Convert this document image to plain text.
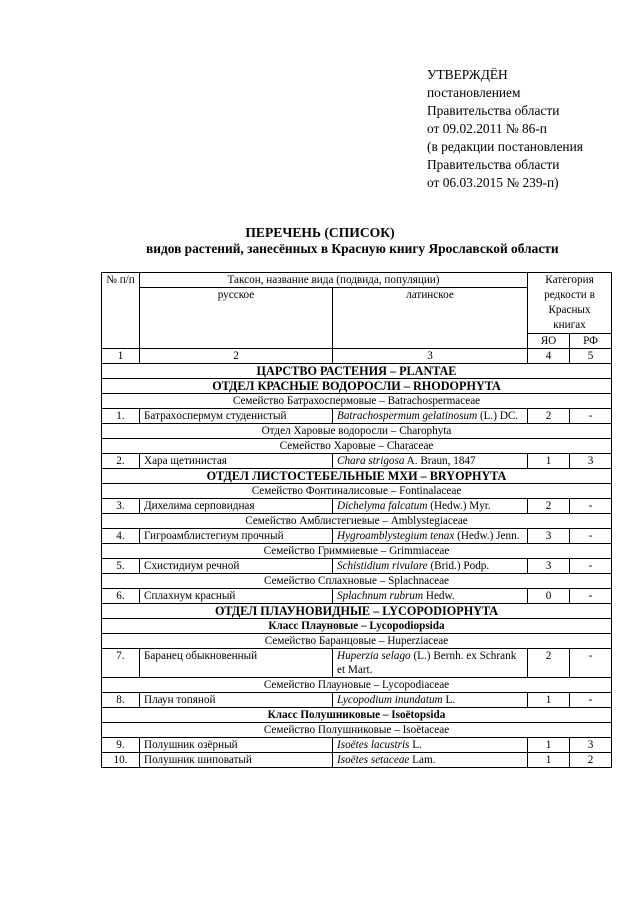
УТВЕРЖДЁН
постановлением
Правительства области
от 09.02.2011 № 86-п
(в редакции постановления
Правительства области
от 06.03.2015 № 239-п)
ПЕРЕЧЕНЬ (СПИСОК)
видов растений, занесённых в Красную книгу Ярославской области
№ п/п	Таксон, название вида (подвида, популяции)		Категория редкости в Красных книгах	
	русское	латинское		
			ЯО	РФ
1	2	3	4	5
ЦАРСТВО РАСТЕНИЯ – PLANTAE				
ОТДЕЛ КРАСНЫЕ ВОДОРОСЛИ – RHODOPHYTA				
Семейство Батрахоспермовые – Batrachospermaceae				
1.	Батраxоспермум студенистый	Batrachospermum gelatinosum (L.) DC.	2	-
Отдел Харовые водоросли – Charophyta				
Семейство Харовые – Characeae				
2.	Хара щетинистая	Chara strigosa A. Braun, 1847	1	3
ОТДЕЛ ЛИСТОСТЕБЕЛЬНЫЕ МХИ – BRYOPHYTA				
Семейство Фонтиналисовые – Fontinalaceae				
3.	Дихелима серповидная	Dichelyma falcatum (Hedw.) Myr.	2	-
Семейство Амблистегиевые – Amblystegiaceae				
4.	Гигроамблистегиум прочный	Hygroamblystegium tenax (Hedw.) Jenn.	3	-
Семейство Гриммиевые – Grimmiaceae				
5.	Схистидиум речной	Schistidium rivulare (Brid.) Podp.	3	-
Семейство Сплахновые – Splachnaceae				
6.	Сплахнум красный	Splachnum rubrum Hedw.	0	-
ОТДЕЛ ПЛАУНОВИДНЫЕ – LYCOPODIOPHYTA				
Класс Плауновые – Lycopodiopsida				
Семейство Баранцовые – Huperziaceae				
7.	Баранец обыкновенный	Huperzia selago (L.) Bernh. ex Schrank et Mart.	2	-
Семейство Плауновые – Lycopodiaceae				
8.	Плаун топяной	Lycopodium inundatum L.	1	-
Класс Полушниковые – Isoëtopsida				
Семейство Полушниковые – Isoëtaceae				
9.	Полушник озёрный	Isoëtes lacustris L.	1	3
10.	Полушник шиповатый	Isoëtes setaceae Lam.	1	2
